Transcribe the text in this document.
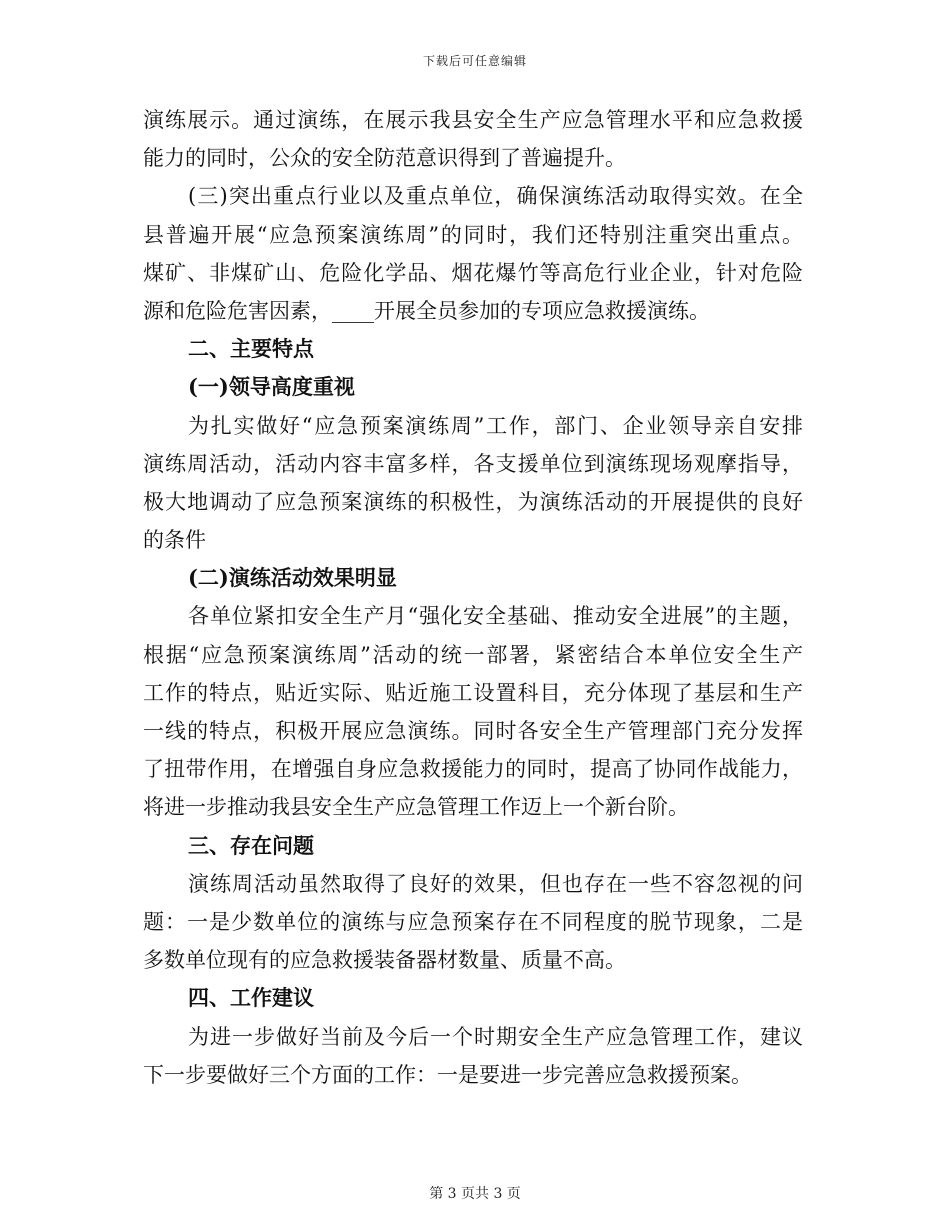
下载后可任意编辑
演练展示。通过演练，在展示我县安全生产应急管理水平和应急救援
能力的同时，公众的安全防范意识得到了普遍提升。
(三)突出重点行业以及重点单位，确保演练活动取得实效。在全
县普遍开展“应急预案演练周”的同时，我们还特别注重突出重点。
煤矿、非煤矿山、危险化学品、烟花爆竹等高危行业企业，针对危险
源和危险危害因素，____开展全员参加的专项应急救援演练。
二、主要特点
(一)领导高度重视
为扎实做好“应急预案演练周”工作，部门、企业领导亲自安排
演练周活动，活动内容丰富多样，各支援单位到演练现场观摩指导，
极大地调动了应急预案演练的积极性，为演练活动的开展提供的良好
的条件
(二)演练活动效果明显
各单位紧扣安全生产月“强化安全基础、推动安全进展”的主题，
根据“应急预案演练周”活动的统一部署，紧密结合本单位安全生产
工作的特点，贴近实际、贴近施工设置科目，充分体现了基层和生产
一线的特点，积极开展应急演练。同时各安全生产管理部门充分发挥
了扭带作用，在增强自身应急救援能力的同时，提高了协同作战能力，
将进一步推动我县安全生产应急管理工作迈上一个新台阶。
三、存在问题
演练周活动虽然取得了良好的效果，但也存在一些不容忽视的问
题：一是少数单位的演练与应急预案存在不同程度的脱节现象，二是
多数单位现有的应急救援装备器材数量、质量不高。
四、工作建议
为进一步做好当前及今后一个时期安全生产应急管理工作，建议
下一步要做好三个方面的工作：一是要进一步完善应急救援预案。
第 3 页共 3 页
